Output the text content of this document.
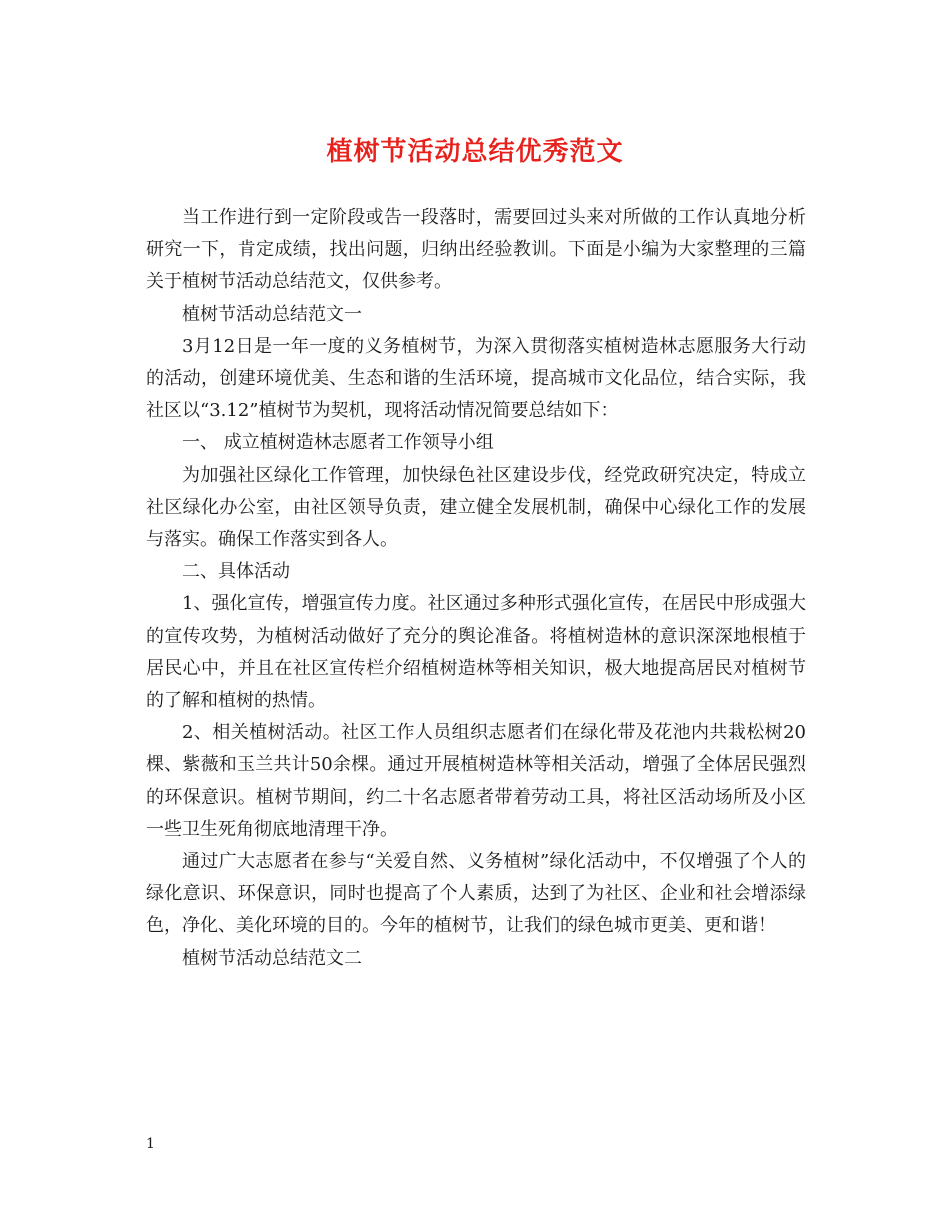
植树节活动总结优秀范文

当工作进行到一定阶段或告一段落时，需要回过头来对所做的工作认真地分析研究一下，肯定成绩，找出问题，归纳出经验教训。下面是小编为大家整理的三篇关于植树节活动总结范文，仅供参考。

植树节活动总结范文一

3月12日是一年一度的义务植树节，为深入贯彻落实植树造林志愿服务大行动的活动，创建环境优美、生态和谐的生活环境，提高城市文化品位，结合实际，我社区以“3.12”植树节为契机，现将活动情况简要总结如下：

一、 成立植树造林志愿者工作领导小组

为加强社区绿化工作管理，加快绿色社区建设步伐，经党政研究决定，特成立社区绿化办公室，由社区领导负责，建立健全发展机制，确保中心绿化工作的发展与落实。确保工作落实到各人。

二、具体活动

1、强化宣传，增强宣传力度。社区通过多种形式强化宣传，在居民中形成强大的宣传攻势，为植树活动做好了充分的舆论准备。将植树造林的意识深深地根植于居民心中，并且在社区宣传栏介绍植树造林等相关知识，极大地提高居民对植树节的了解和植树的热情。

2、相关植树活动。社区工作人员组织志愿者们在绿化带及花池内共栽松树20棵、紫薇和玉兰共计50余棵。通过开展植树造林等相关活动，增强了全体居民强烈的环保意识。植树节期间，约二十名志愿者带着劳动工具，将社区活动场所及小区一些卫生死角彻底地清理干净。

通过广大志愿者在参与“关爱自然、义务植树”绿化活动中，不仅增强了个人的绿化意识、环保意识，同时也提高了个人素质，达到了为社区、企业和社会增添绿色，净化、美化环境的目的。今年的植树节，让我们的绿色城市更美、更和谐！

植树节活动总结范文二

1
